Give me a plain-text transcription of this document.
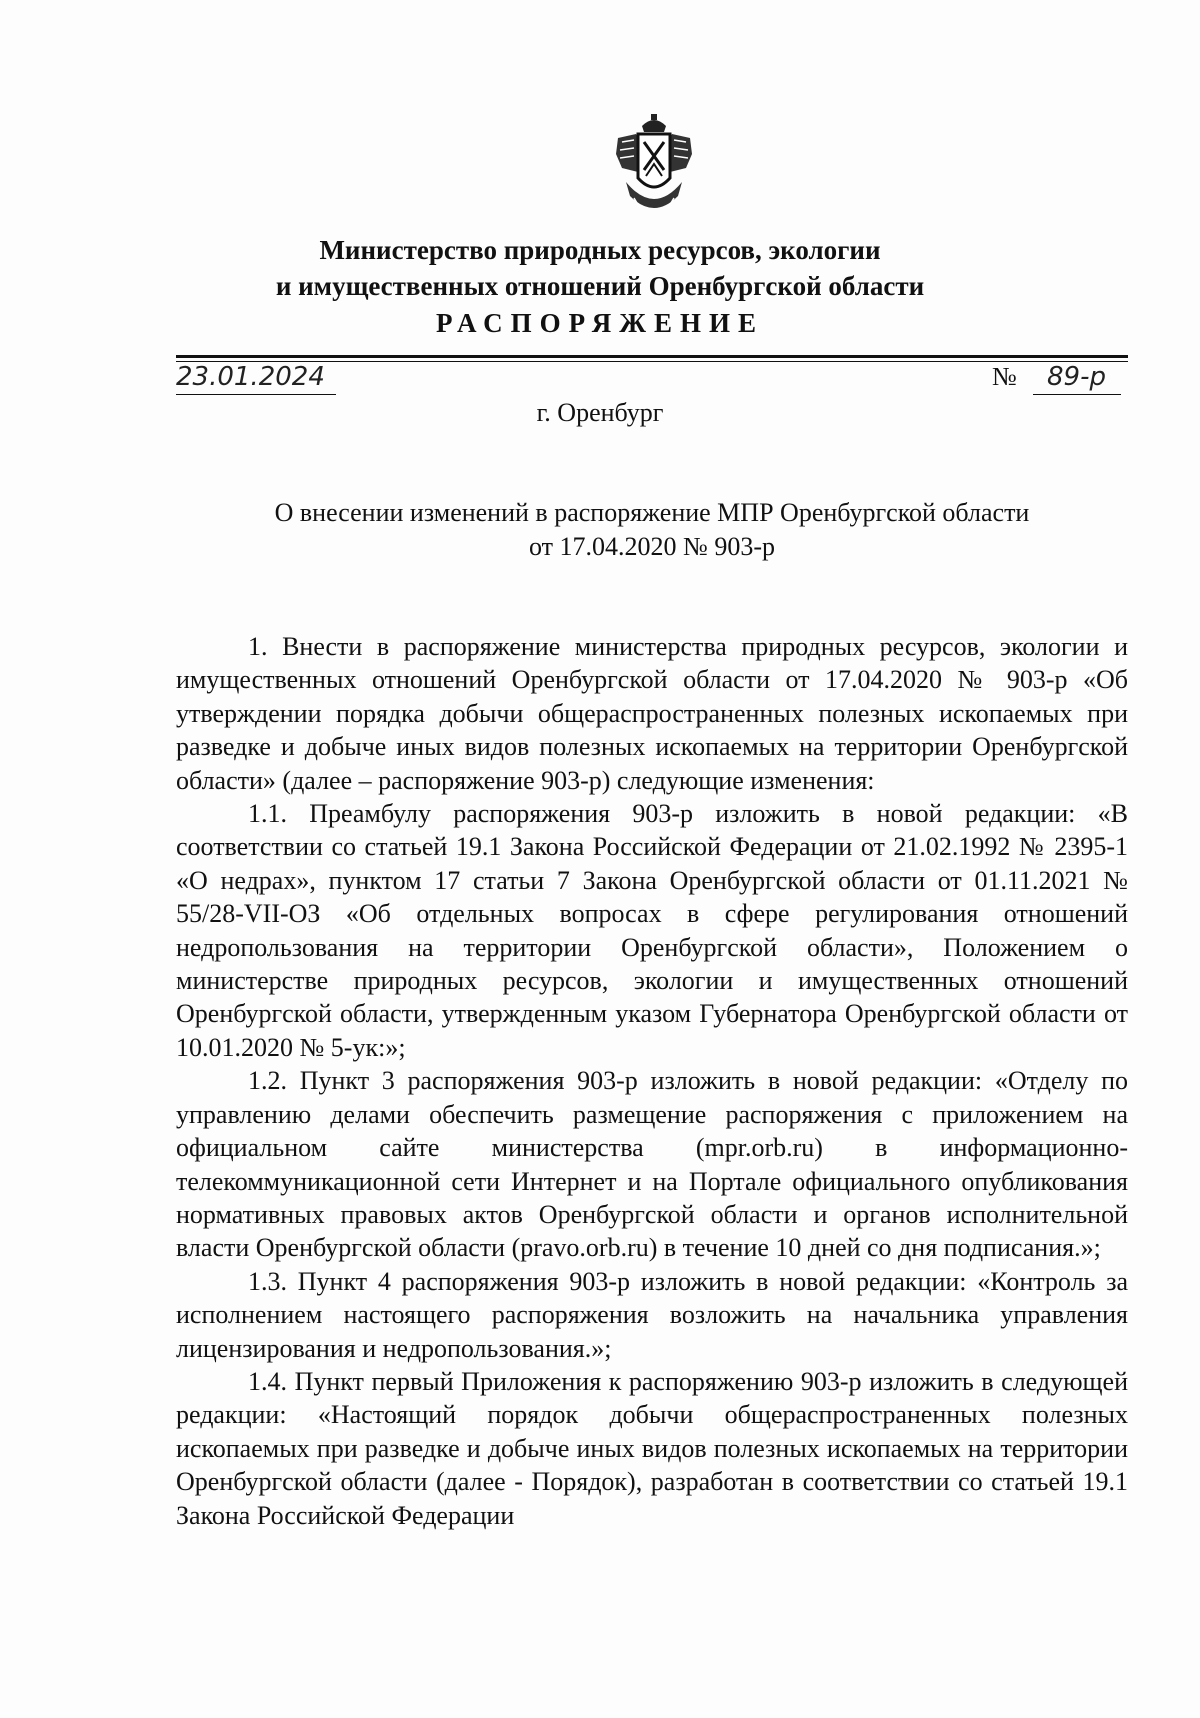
Министерство природных ресурсов, экологии
и имущественных отношений Оренбургской области
РАСПОРЯЖЕНИЕ
23.01.2024	№ 89-р
г. Оренбург
О внесении изменений в распоряжение МПР Оренбургской области
от 17.04.2020 № 903-р

1. Внести в распоряжение министерства природных ресурсов, экологии и имущественных отношений Оренбургской области от 17.04.2020 № 903-р «Об утверждении порядка добычи общераспространенных полезных ископаемых при разведке и добыче иных видов полезных ископаемых на территории Оренбургской области» (далее – распоряжение 903-р) следующие изменения:

1.1. Преамбулу распоряжения 903-р изложить в новой редакции: «В соответствии со статьей 19.1 Закона Российской Федерации от 21.02.1992 № 2395-1 «О недрах», пунктом 17 статьи 7 Закона Оренбургской области от 01.11.2021 № 55/28-VII-ОЗ «Об отдельных вопросах в сфере регулирования отношений недропользования на территории Оренбургской области», Положением о министерстве природных ресурсов, экологии и имущественных отношений Оренбургской области, утвержденным указом Губернатора Оренбургской области от 10.01.2020 № 5-ук:»;

1.2. Пункт 3 распоряжения 903-р изложить в новой редакции: «Отделу по управлению делами обеспечить размещение распоряжения с приложением на официальном сайте министерства (mpr.orb.ru) в информационно-телекоммуникационной сети Интернет и на Портале официального опубликования нормативных правовых актов Оренбургской области и органов исполнительной власти Оренбургской области (pravo.orb.ru) в течение 10 дней со дня подписания.»;

1.3. Пункт 4 распоряжения 903-р изложить в новой редакции: «Контроль за исполнением настоящего распоряжения возложить на начальника управления лицензирования и недропользования.»;

1.4. Пункт первый Приложения к распоряжению 903-р изложить в следующей редакции: «Настоящий порядок добычи общераспространенных полезных ископаемых при разведке и добыче иных видов полезных ископаемых на территории Оренбургской области (далее - Порядок), разработан в соответствии со статьей 19.1 Закона Российской Федерации
